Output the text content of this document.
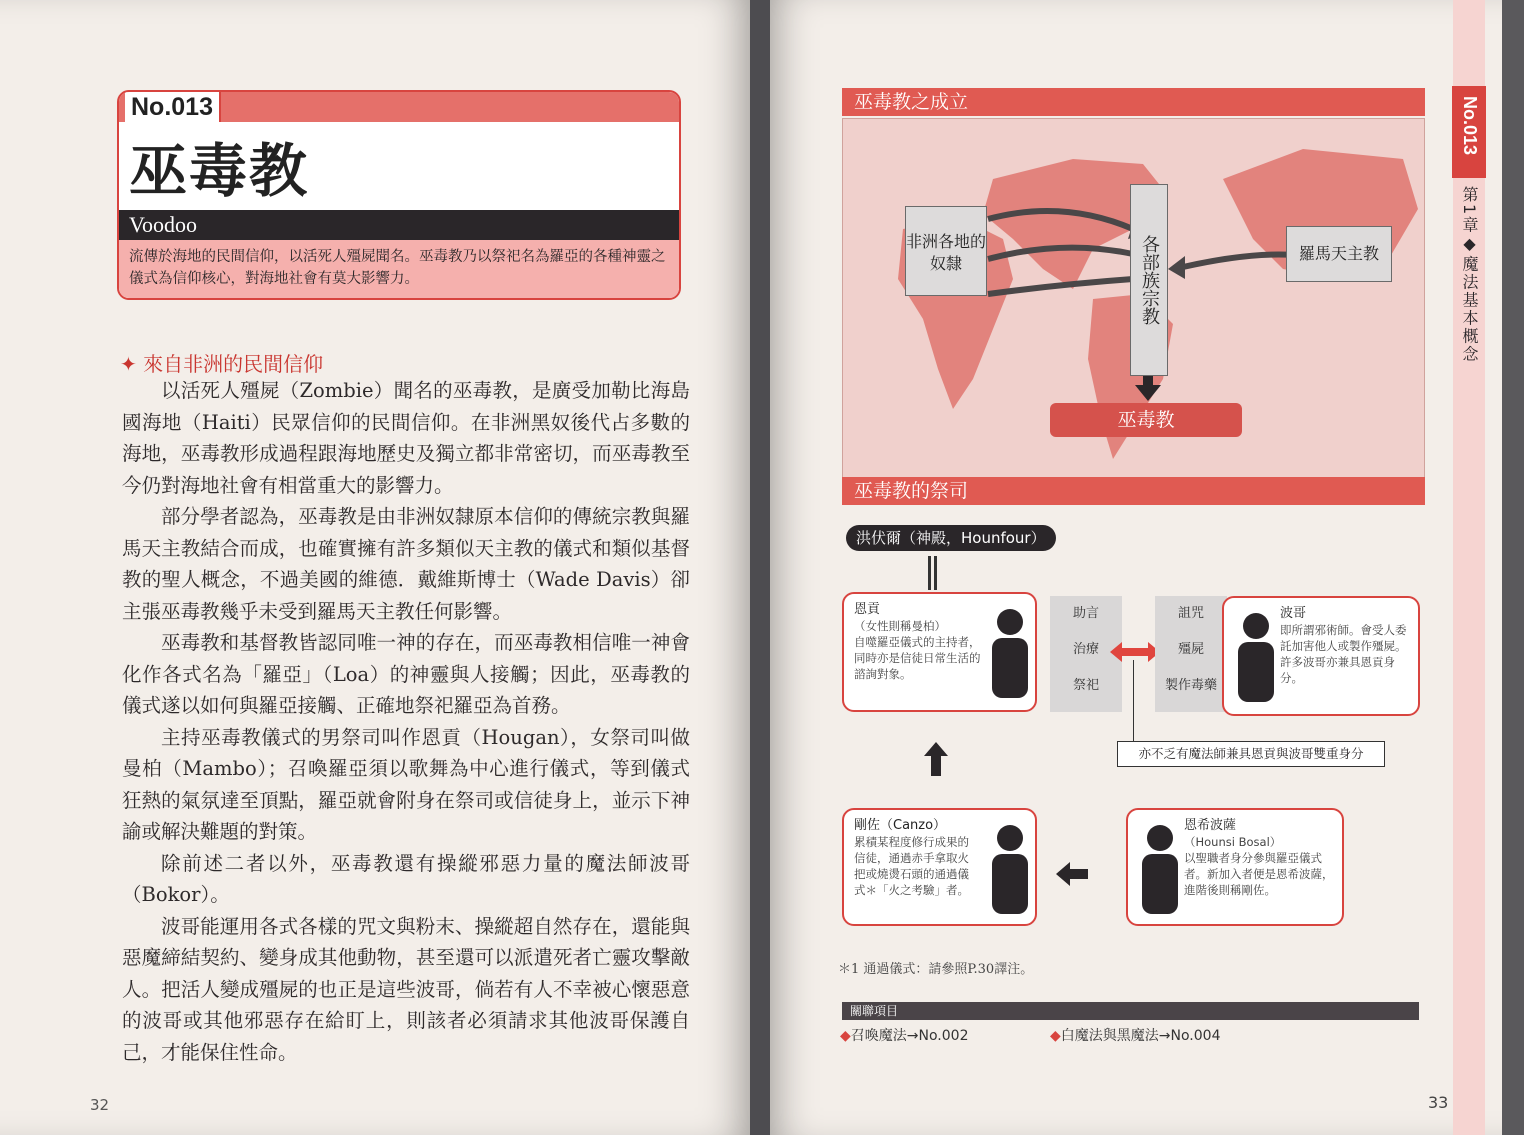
No.013
巫毒教
Voodoo
流傳於海地的民間信仰，以活死人殭屍聞名。巫毒教乃以祭祀名為羅亞的各種神靈之儀式為信仰核心，對海地社會有莫大影響力。
✦ 來自非洲的民間信仰

以活死人殭屍（Zombie）聞名的巫毒教，是廣受加勒比海島國海地（Haiti）民眾信仰的民間信仰。在非洲黑奴後代占多數的海地，巫毒教形成過程跟海地歷史及獨立都非常密切，而巫毒教至今仍對海地社會有相當重大的影響力。

部分學者認為，巫毒教是由非洲奴隸原本信仰的傳統宗教與羅馬天主教結合而成，也確實擁有許多類似天主教的儀式和類似基督教的聖人概念，不過美國的維德．戴維斯博士（Wade Davis）卻主張巫毒教幾乎未受到羅馬天主教任何影響。

巫毒教和基督教皆認同唯一神的存在，而巫毒教相信唯一神會化作各式名為「羅亞」（Loa）的神靈與人接觸；因此，巫毒教的儀式遂以如何與羅亞接觸、正確地祭祀羅亞為首務。

主持巫毒教儀式的男祭司叫作恩貢（Hougan），女祭司叫做曼柏（Mambo）；召喚羅亞須以歌舞為中心進行儀式，等到儀式狂熱的氣氛達至頂點，羅亞就會附身在祭司或信徒身上，並示下神諭或解決難題的對策。

除前述二者以外，巫毒教還有操縱邪惡力量的魔法師波哥（Bokor）。

波哥能運用各式各樣的咒文與粉末、操縱超自然存在，還能與惡魔締結契約、變身成其他動物，甚至還可以派遣死者亡靈攻擊敵人。把活人變成殭屍的也正是這些波哥，倘若有人不幸被心懷惡意的波哥或其他邪惡存在給盯上，則該者必須請求其他波哥保護自己，才能保住性命。

32
巫毒教之成立
非洲各地的奴隸	各部族宗教	羅馬天主教
巫毒教
巫毒教的祭司
洪伏爾（神殿，Hounfour）
恩貢
（女性則稱曼柏）
自噬羅亞儀式的主持者，同時亦是信徒日常生活的諮詢對象。
助言
治療
祭祀
詛咒
殭屍
製作毒藥
波哥
即所謂邪術師。會受人委託加害他人或製作殭屍。許多波哥亦兼具恩貢身分。
亦不乏有魔法師兼具恩貢與波哥雙重身分
剛佐（Canzo）
累積某程度修行成果的信徒，通過赤手拿取火把或燒燙石頭的通過儀式＊「火之考驗」者。
恩希波薩
（Hounsi Bosal）
以聖職者身分參與羅亞儀式者。新加入者便是恩希波薩，進階後則稱剛佐。
＊1 通過儀式：請參照P.30譯注。
關聯項目
◆召喚魔法→No.002	◆白魔法與黑魔法→No.004
33
No.013
第1章◆魔法基本概念
